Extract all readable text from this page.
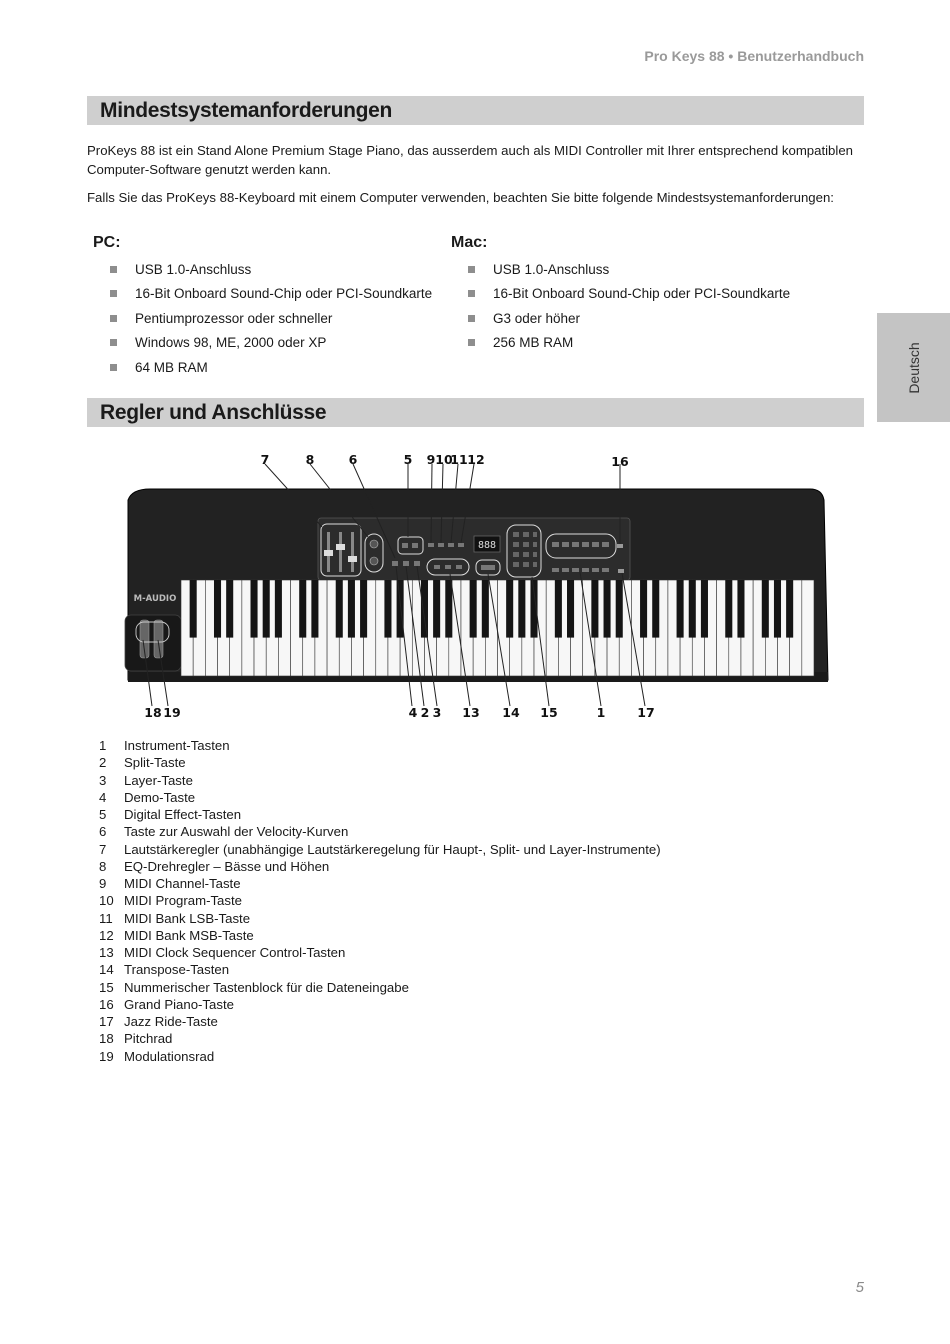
Pro Keys 88 • Benutzerhandbuch
Mindestsystemanforderungen

ProKeys 88 ist ein Stand Alone Premium Stage Piano, das ausserdem auch als MIDI Controller mit Ihrer entsprechend kompatiblen Computer-Software genutzt werden kann.

Falls Sie das ProKeys 88-Keyboard mit einem Computer verwenden, beachten Sie bitte folgende Mindestsystemanforderungen:

PC:
USB 1.0-Anschluss
16-Bit Onboard Sound-Chip oder PCI-Soundkarte
Pentiumprozessor oder schneller
Windows 98, ME, 2000 oder XP
64 MB RAM
Mac:
USB 1.0-Anschluss
16-Bit Onboard Sound-Chip oder PCI-Soundkarte
G3 oder höher
256 MB RAM	Deutsch
Regler und Anschlüsse
888
M-AUDIO
7	8	6	5 9 10
11 12	16
18 19	4 2 3 13 14 15	1	17
1 Instrument-Tasten
2 Split-Taste
3 Layer-Taste
4 Demo-Taste
5 Digital Effect-Tasten
6 Taste zur Auswahl der Velocity-Kurven
7 Lautstärkeregler (unabhängige Lautstärkeregelung für Haupt-, Split- und Layer-Instrumente)
8 EQ-Drehregler – Bässe und Höhen
9 MIDI Channel-Taste
10 MIDI Program-Taste
11 MIDI Bank LSB-Taste
12 MIDI Bank MSB-Taste
13 MIDI Clock Sequencer Control-Tasten
14 Transpose-Tasten
15 Nummerischer Tastenblock für die Dateneingabe
16 Grand Piano-Taste
17 Jazz Ride-Taste
18 Pitchrad
19 Modulationsrad
5
